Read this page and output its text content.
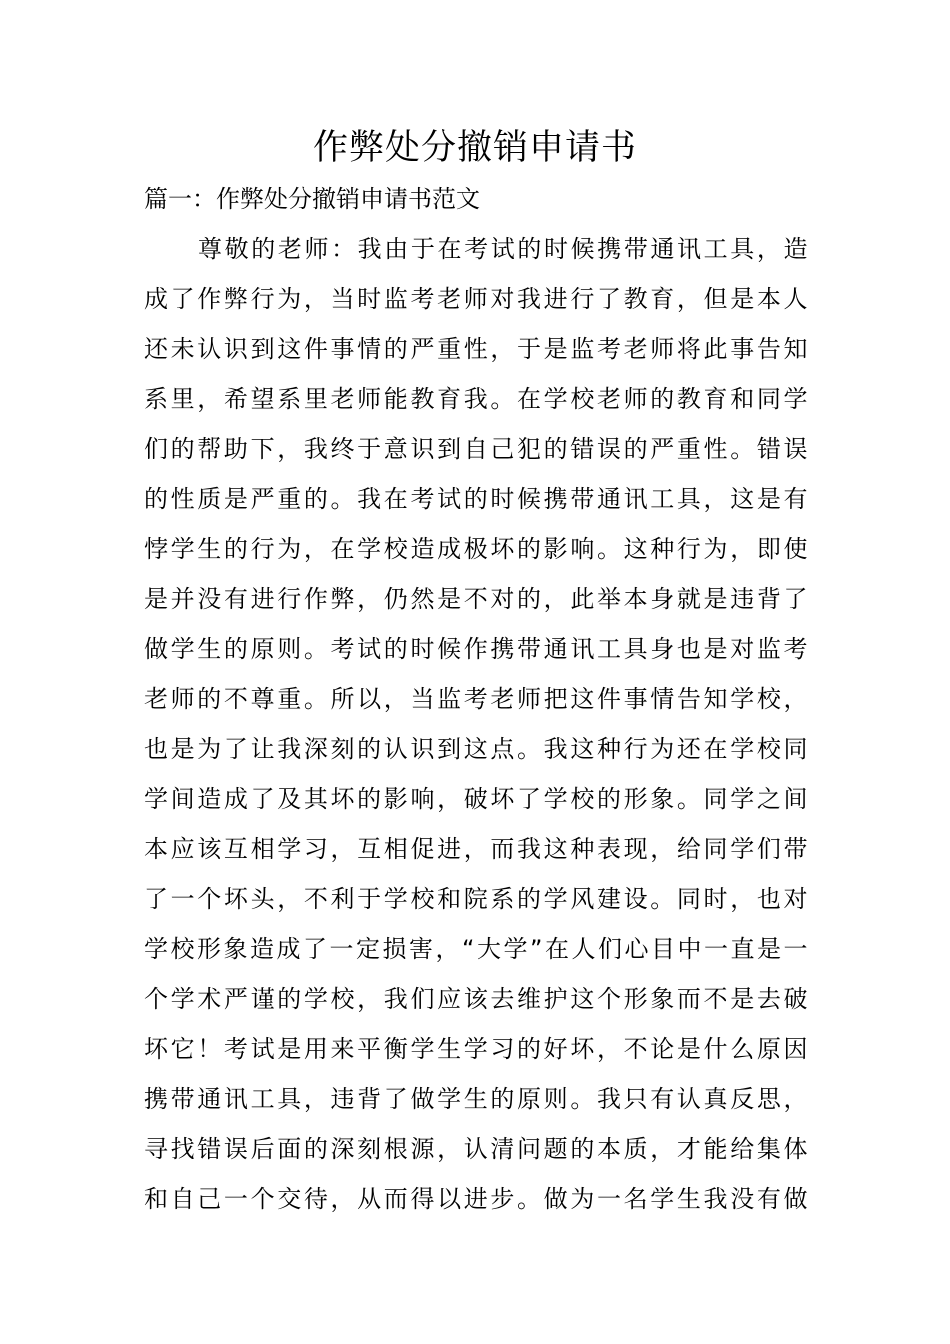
作弊处分撤销申请书
篇一：作弊处分撤销申请书范文
尊敬的老师：我由于在考试的时候携带通讯工具，造
成了作弊行为，当时监考老师对我进行了教育，但是本人
还未认识到这件事情的严重性，于是监考老师将此事告知
系里，希望系里老师能教育我。在学校老师的教育和同学
们的帮助下，我终于意识到自己犯的错误的严重性。错误
的性质是严重的。我在考试的时候携带通讯工具，这是有
悖学生的行为，在学校造成极坏的影响。这种行为，即使
是并没有进行作弊，仍然是不对的，此举本身就是违背了
做学生的原则。考试的时候作携带通讯工具身也是对监考
老师的不尊重。所以，当监考老师把这件事情告知学校，
也是为了让我深刻的认识到这点。我这种行为还在学校同
学间造成了及其坏的影响，破坏了学校的形象。同学之间
本应该互相学习，互相促进，而我这种表现，给同学们带
了一个坏头，不利于学校和院系的学风建设。同时，也对
学校形象造成了一定损害，“大学”在人们心目中一直是一
个学术严谨的学校，我们应该去维护这个形象而不是去破
坏它！考试是用来平衡学生学习的好坏，不论是什么原因
携带通讯工具，违背了做学生的原则。我只有认真反思，
寻找错误后面的深刻根源，认清问题的本质，才能给集体
和自己一个交待，从而得以进步。做为一名学生我没有做
